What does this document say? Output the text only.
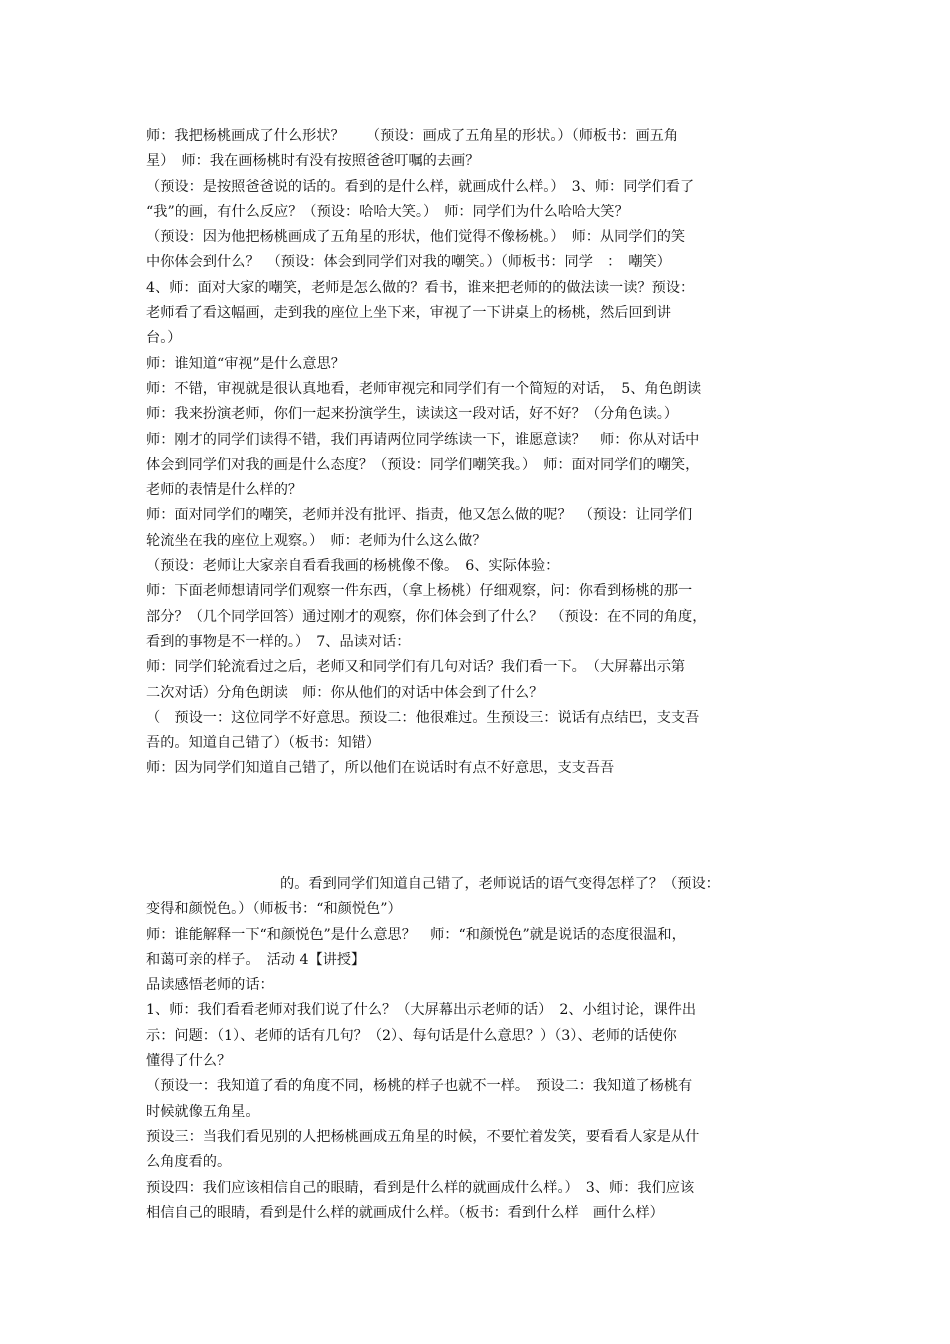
师：我把杨桃画成了什么形状？　　（预设：画成了五角星的形状。）（师板书：画五角
星）　师：我在画杨桃时有没有按照爸爸叮嘱的去画？
（预设：是按照爸爸说的话的。看到的是什么样，就画成什么样。）　3、师：同学们看了
“我”的画，有什么反应？（预设：哈哈大笑。）　师：同学们为什么哈哈大笑？
（预设：因为他把杨桃画成了五角星的形状，他们觉得不像杨桃。）　师：从同学们的笑
中你体会到什么？　（预设：体会到同学们对我的嘲笑。）（师板书：同学　：　嘲笑）
4、师：面对大家的嘲笑，老师是怎么做的？看书，谁来把老师的的做法读一读？预设：
老师看了看这幅画，走到我的座位上坐下来，审视了一下讲桌上的杨桃，然后回到讲
台。）
师：谁知道“审视”是什么意思？
师：不错，审视就是很认真地看，老师审视完和同学们有一个简短的对话，　5、角色朗读
师：我来扮演老师，你们一起来扮演学生，读读这一段对话，好不好？（分角色读。）
师：刚才的同学们读得不错，我们再请两位同学练读一下，谁愿意读？　师：你从对话中
体会到同学们对我的画是什么态度？（预设：同学们嘲笑我。）　师：面对同学们的嘲笑，
老师的表情是什么样的？
师：面对同学们的嘲笑，老师并没有批评、指责，他又怎么做的呢？　（预设：让同学们
轮流坐在我的座位上观察。）　师：老师为什么这么做？
（预设：老师让大家亲自看看我画的杨桃像不像。　6、实际体验：
师：下面老师想请同学们观察一件东西，（拿上杨桃）仔细观察，问：你看到杨桃的那一
部分？（几个同学回答）通过刚才的观察，你们体会到了什么？　（预设：在不同的角度，
看到的事物是不一样的。）　7、品读对话：
师：同学们轮流看过之后，老师又和同学们有几句对话？我们看一下。　（大屏幕出示第
二次对话）分角色朗读　师：你从他们的对话中体会到了什么？
（　预设一：这位同学不好意思。预设二：他很难过。生预设三：说话有点结巴，支支吾
吾的。知道自己错了）（板书：知错）
师：因为同学们知道自己错了，所以他们在说话时有点不好意思，支支吾吾
的。看到同学们知道自己错了，老师说话的语气变得怎样了？（预设：
变得和颜悦色。）（师板书：“和颜悦色”）
师：谁能解释一下“和颜悦色”是什么意思？　师：“和颜悦色”就是说话的态度很温和，
和蔼可亲的样子。　活动 4【讲授】
品读感悟老师的话：
1、师：我们看看老师对我们说了什么？（大屏幕出示老师的话）　2、小组讨论，课件出
示：问题：（1）、老师的话有几句？（2）、每句话是什么意思？）（3）、老师的话使你
懂得了什么？
（预设一：我知道了看的角度不同，杨桃的样子也就不一样。　预设二：我知道了杨桃有
时候就像五角星。
预设三：当我们看见别的人把杨桃画成五角星的时候，不要忙着发笑，要看看人家是从什
么角度看的。
预设四：我们应该相信自己的眼睛，看到是什么样的就画成什么样。）　3、师：我们应该
相信自己的眼睛，看到是什么样的就画成什么样。（板书：看到什么样　画什么样）
